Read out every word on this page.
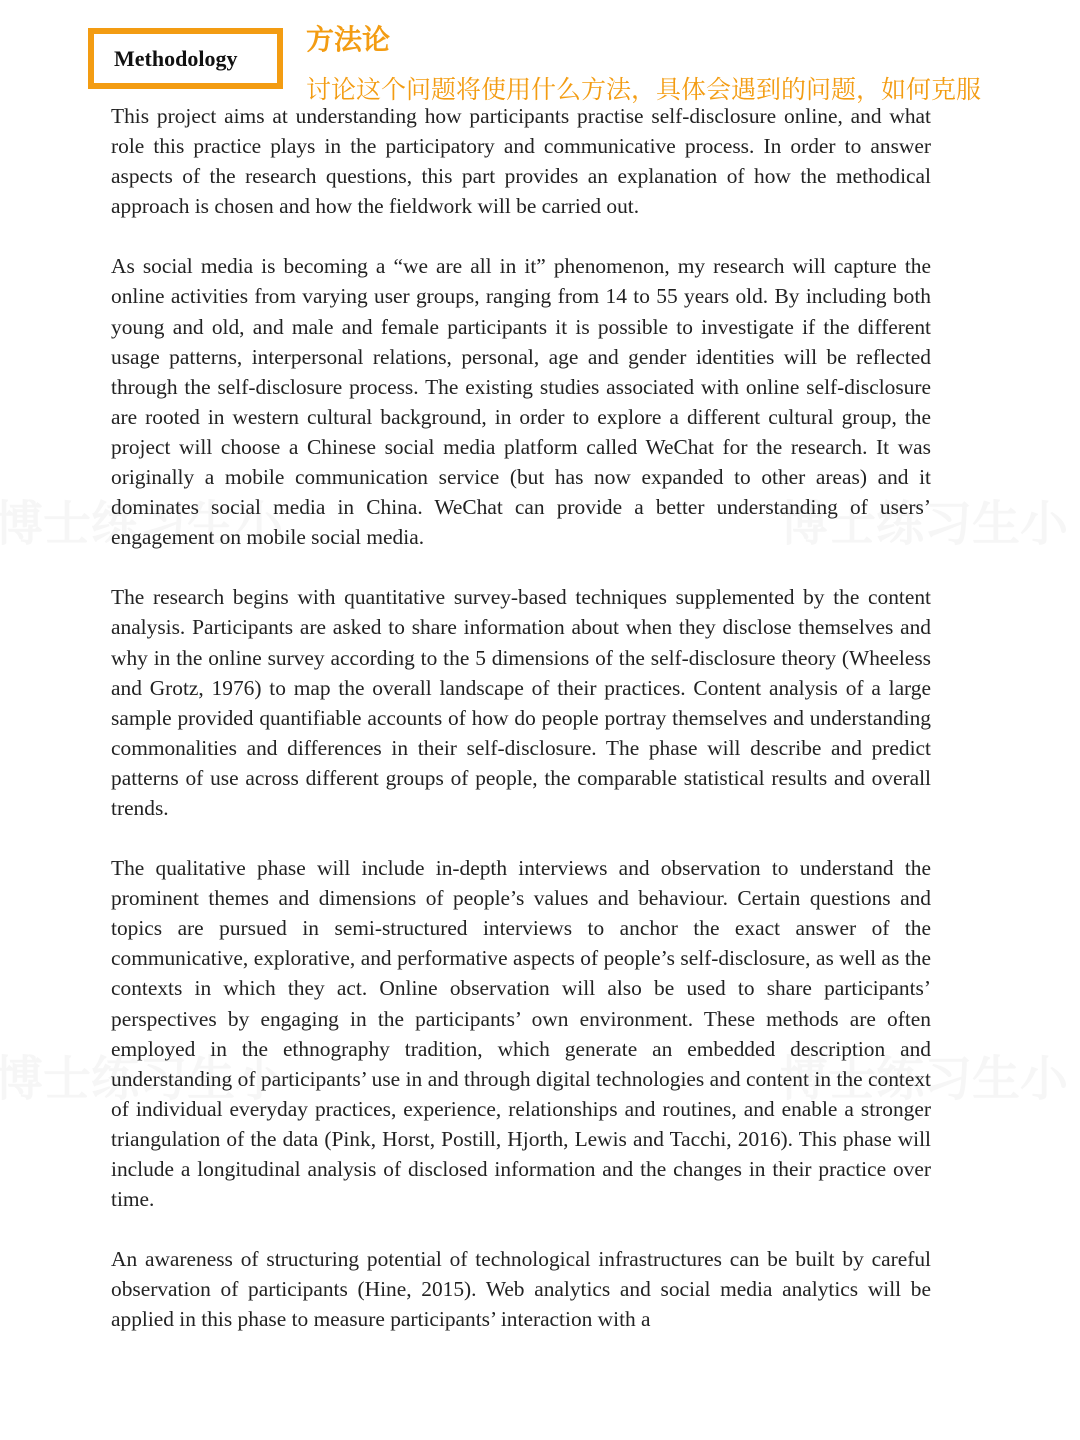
Methodology
方法论

讨论这个问题将使用什么方法，具体会遇到的问题，如何克服

This project aims at understanding how participants practise self-disclosure online, and what role this practice plays in the participatory and communicative process. In order to answer aspects of the research questions, this part provides an explanation of how the methodical approach is chosen and how the fieldwork will be carried out.

As social media is becoming a “we are all in it” phenomenon, my research will capture the online activities from varying user groups, ranging from 14 to 55 years old. By including both young and old, and male and female participants it is possible to investigate if the different usage patterns, interpersonal relations, personal, age and gender identities will be reflected through the self-disclosure process. The existing studies associated with online self-disclosure are rooted in western cultural background, in order to explore a different cultural group, the project will choose a Chinese social media platform called WeChat for the research. It was originally a mobile communication service (but has now expanded to other areas) and it dominates social media in China. WeChat can provide a better understanding of users’ engagement on mobile social media.

The research begins with quantitative survey-based techniques supplemented by the content analysis. Participants are asked to share information about when they disclose themselves and why in the online survey according to the 5 dimensions of the self-disclosure theory (Wheeless and Grotz, 1976) to map the overall landscape of their practices. Content analysis of a large sample provided quantifiable accounts of how do people portray themselves and understanding commonalities and differences in their self-disclosure. The phase will describe and predict patterns of use across different groups of people, the comparable statistical results and overall trends.

The qualitative phase will include in-depth interviews and observation to understand the prominent themes and dimensions of people’s values and behaviour. Certain questions and topics are pursued in semi-structured interviews to anchor the exact answer of the communicative, explorative, and performative aspects of people’s self-disclosure, as well as the contexts in which they act. Online observation will also be used to share participants’ perspectives by engaging in the participants’ own environment. These methods are often employed in the ethnography tradition, which generate an embedded description and understanding of participants’ use in and through digital technologies and content in the context of individual everyday practices, experience, relationships and routines, and enable a stronger triangulation of the data (Pink, Horst, Postill, Hjorth, Lewis and Tacchi, 2016). This phase will include a longitudinal analysis of disclosed information and the changes in their practice over time.

An awareness of structuring potential of technological infrastructures can be built by careful observation of participants (Hine, 2015). Web analytics and social media analytics will be applied in this phase to measure participants’ interaction with a
